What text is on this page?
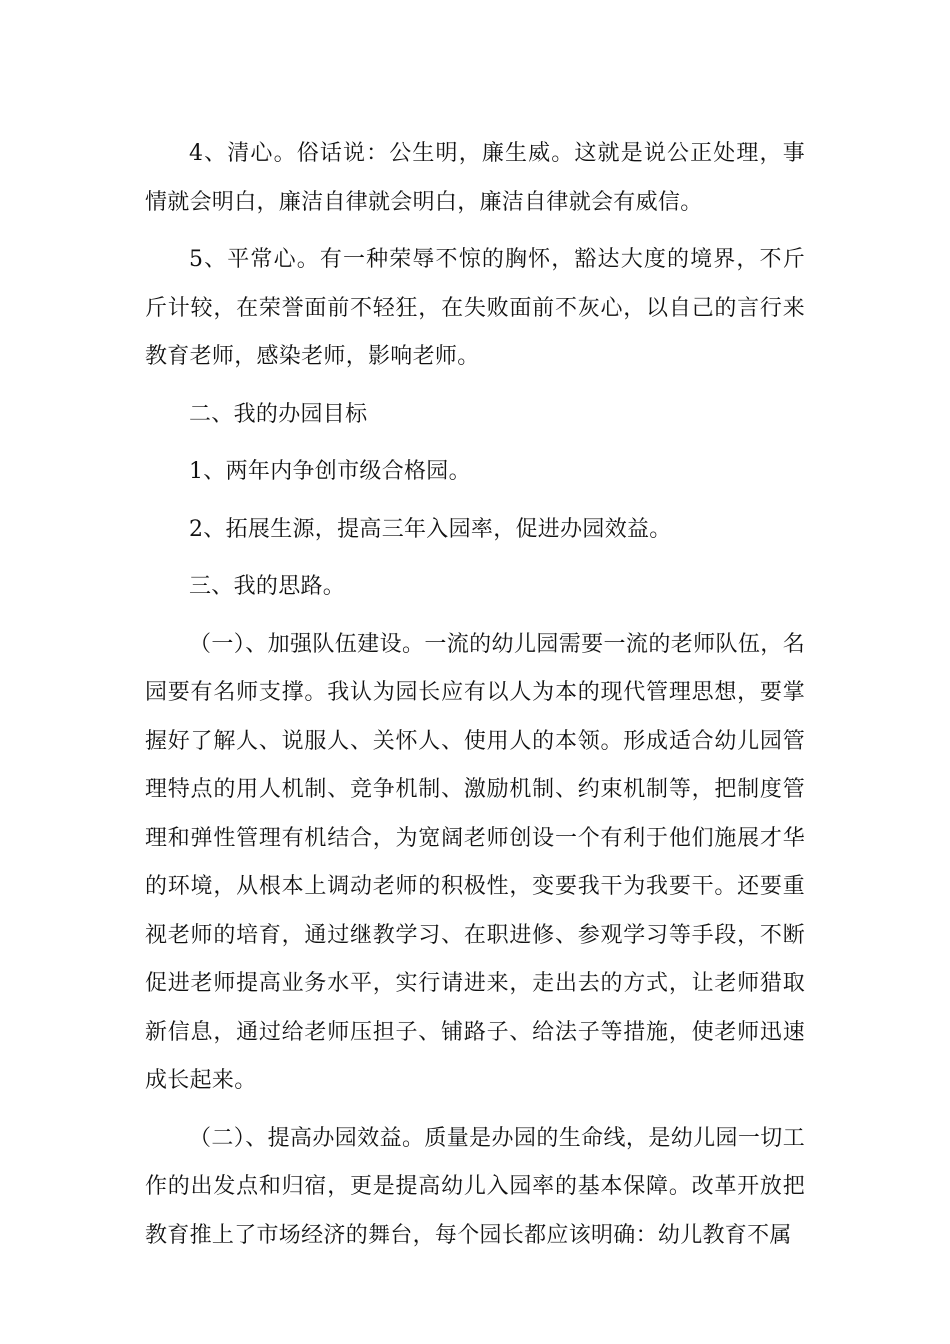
4、清心。俗话说：公生明，廉生威。这就是说公正处理，事情就会明白，廉洁自律就会明白，廉洁自律就会有威信。

5、平常心。有一种荣辱不惊的胸怀，豁达大度的境界，不斤斤计较，在荣誉面前不轻狂，在失败面前不灰心，以自己的言行来教育老师，感染老师，影响老师。

二、我的办园目标

1、两年内争创市级合格园。

2、拓展生源，提高三年入园率，促进办园效益。

三、我的思路。

（一）、加强队伍建设。一流的幼儿园需要一流的老师队伍，名园要有名师支撑。我认为园长应有以人为本的现代管理思想，要掌握好了解人、说服人、关怀人、使用人的本领。形成适合幼儿园管理特点的用人机制、竞争机制、激励机制、约束机制等，把制度管理和弹性管理有机结合，为宽阔老师创设一个有利于他们施展才华的环境，从根本上调动老师的积极性，变要我干为我要干。还要重视老师的培育，通过继教学习、在职进修、参观学习等手段，不断促进老师提高业务水平，实行请进来，走出去的方式，让老师猎取新信息，通过给老师压担子、铺路子、给法子等措施，使老师迅速成长起来。

（二）、提高办园效益。质量是办园的生命线，是幼儿园一切工作的出发点和归宿，更是提高幼儿入园率的基本保障。改革开放把教育推上了市场经济的舞台，每个园长都应该明确：幼儿教育不属
